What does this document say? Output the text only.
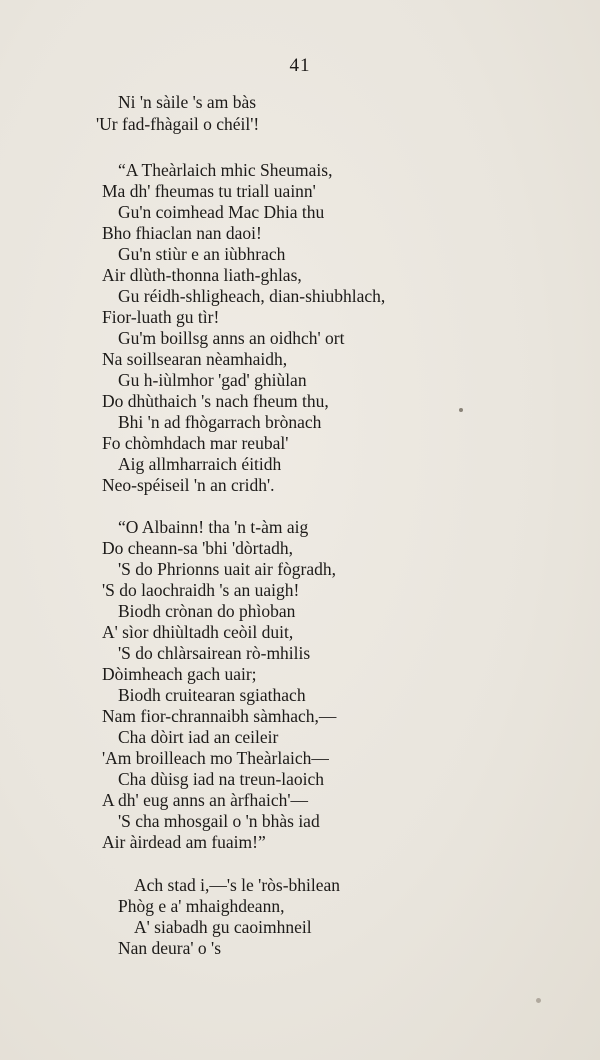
41
Ni 'n sàile 's am bàs
'Ur fad-fhàgail o chéil'!
“A Theàrlaich mhic Sheumais,
Ma dh' fheumas tu triall uainn'
Gu'n coimhead Mac Dhia thu
Bho fhiaclan nan daoi!
Gu'n stiùr e an iùbhrach
Air dlùth-thonna liath-ghlas,
Gu réidh-shligheach, dian-shiubhlach,
Fior-luath gu tìr!
Gu'm boillsg anns an oidhch' ort
Na soillsearan nèamhaidh,
Gu h-iùlmhor 'gad' ghiùlan
Do dhùthaich 's nach fheum thu,
Bhi 'n ad fhògarrach brònach
Fo chòmhdach mar reubal'
Aig allmharraich éitidh
Neo-spéiseil 'n an cridh'.
“O Albainn! tha 'n t-àm aig
Do cheann-sa 'bhi 'dòrtadh,
'S do Phrionns uait air fògradh,
'S do laochraidh 's an uaigh!
Biodh crònan do phìoban
A' sìor dhiùltadh ceòil duit,
'S do chlàrsairean rò-mhilis
Dòimheach gach uair;
Biodh cruitearan sgiathach
Nam fior-chrannaibh sàmhach,—
Cha dòirt iad an ceileir
'Am broilleach mo Theàrlaich—
Cha dùisg iad na treun-laoich
A dh' eug anns an àrfhaich'—
'S cha mhosgail o 'n bhàs iad
Air àirdead am fuaim!”
Ach stad i,—'s le 'ròs-bhilean
Phòg e a' mhaighdeann,
A' siabadh gu caoimhneil
Nan deura' o 's
